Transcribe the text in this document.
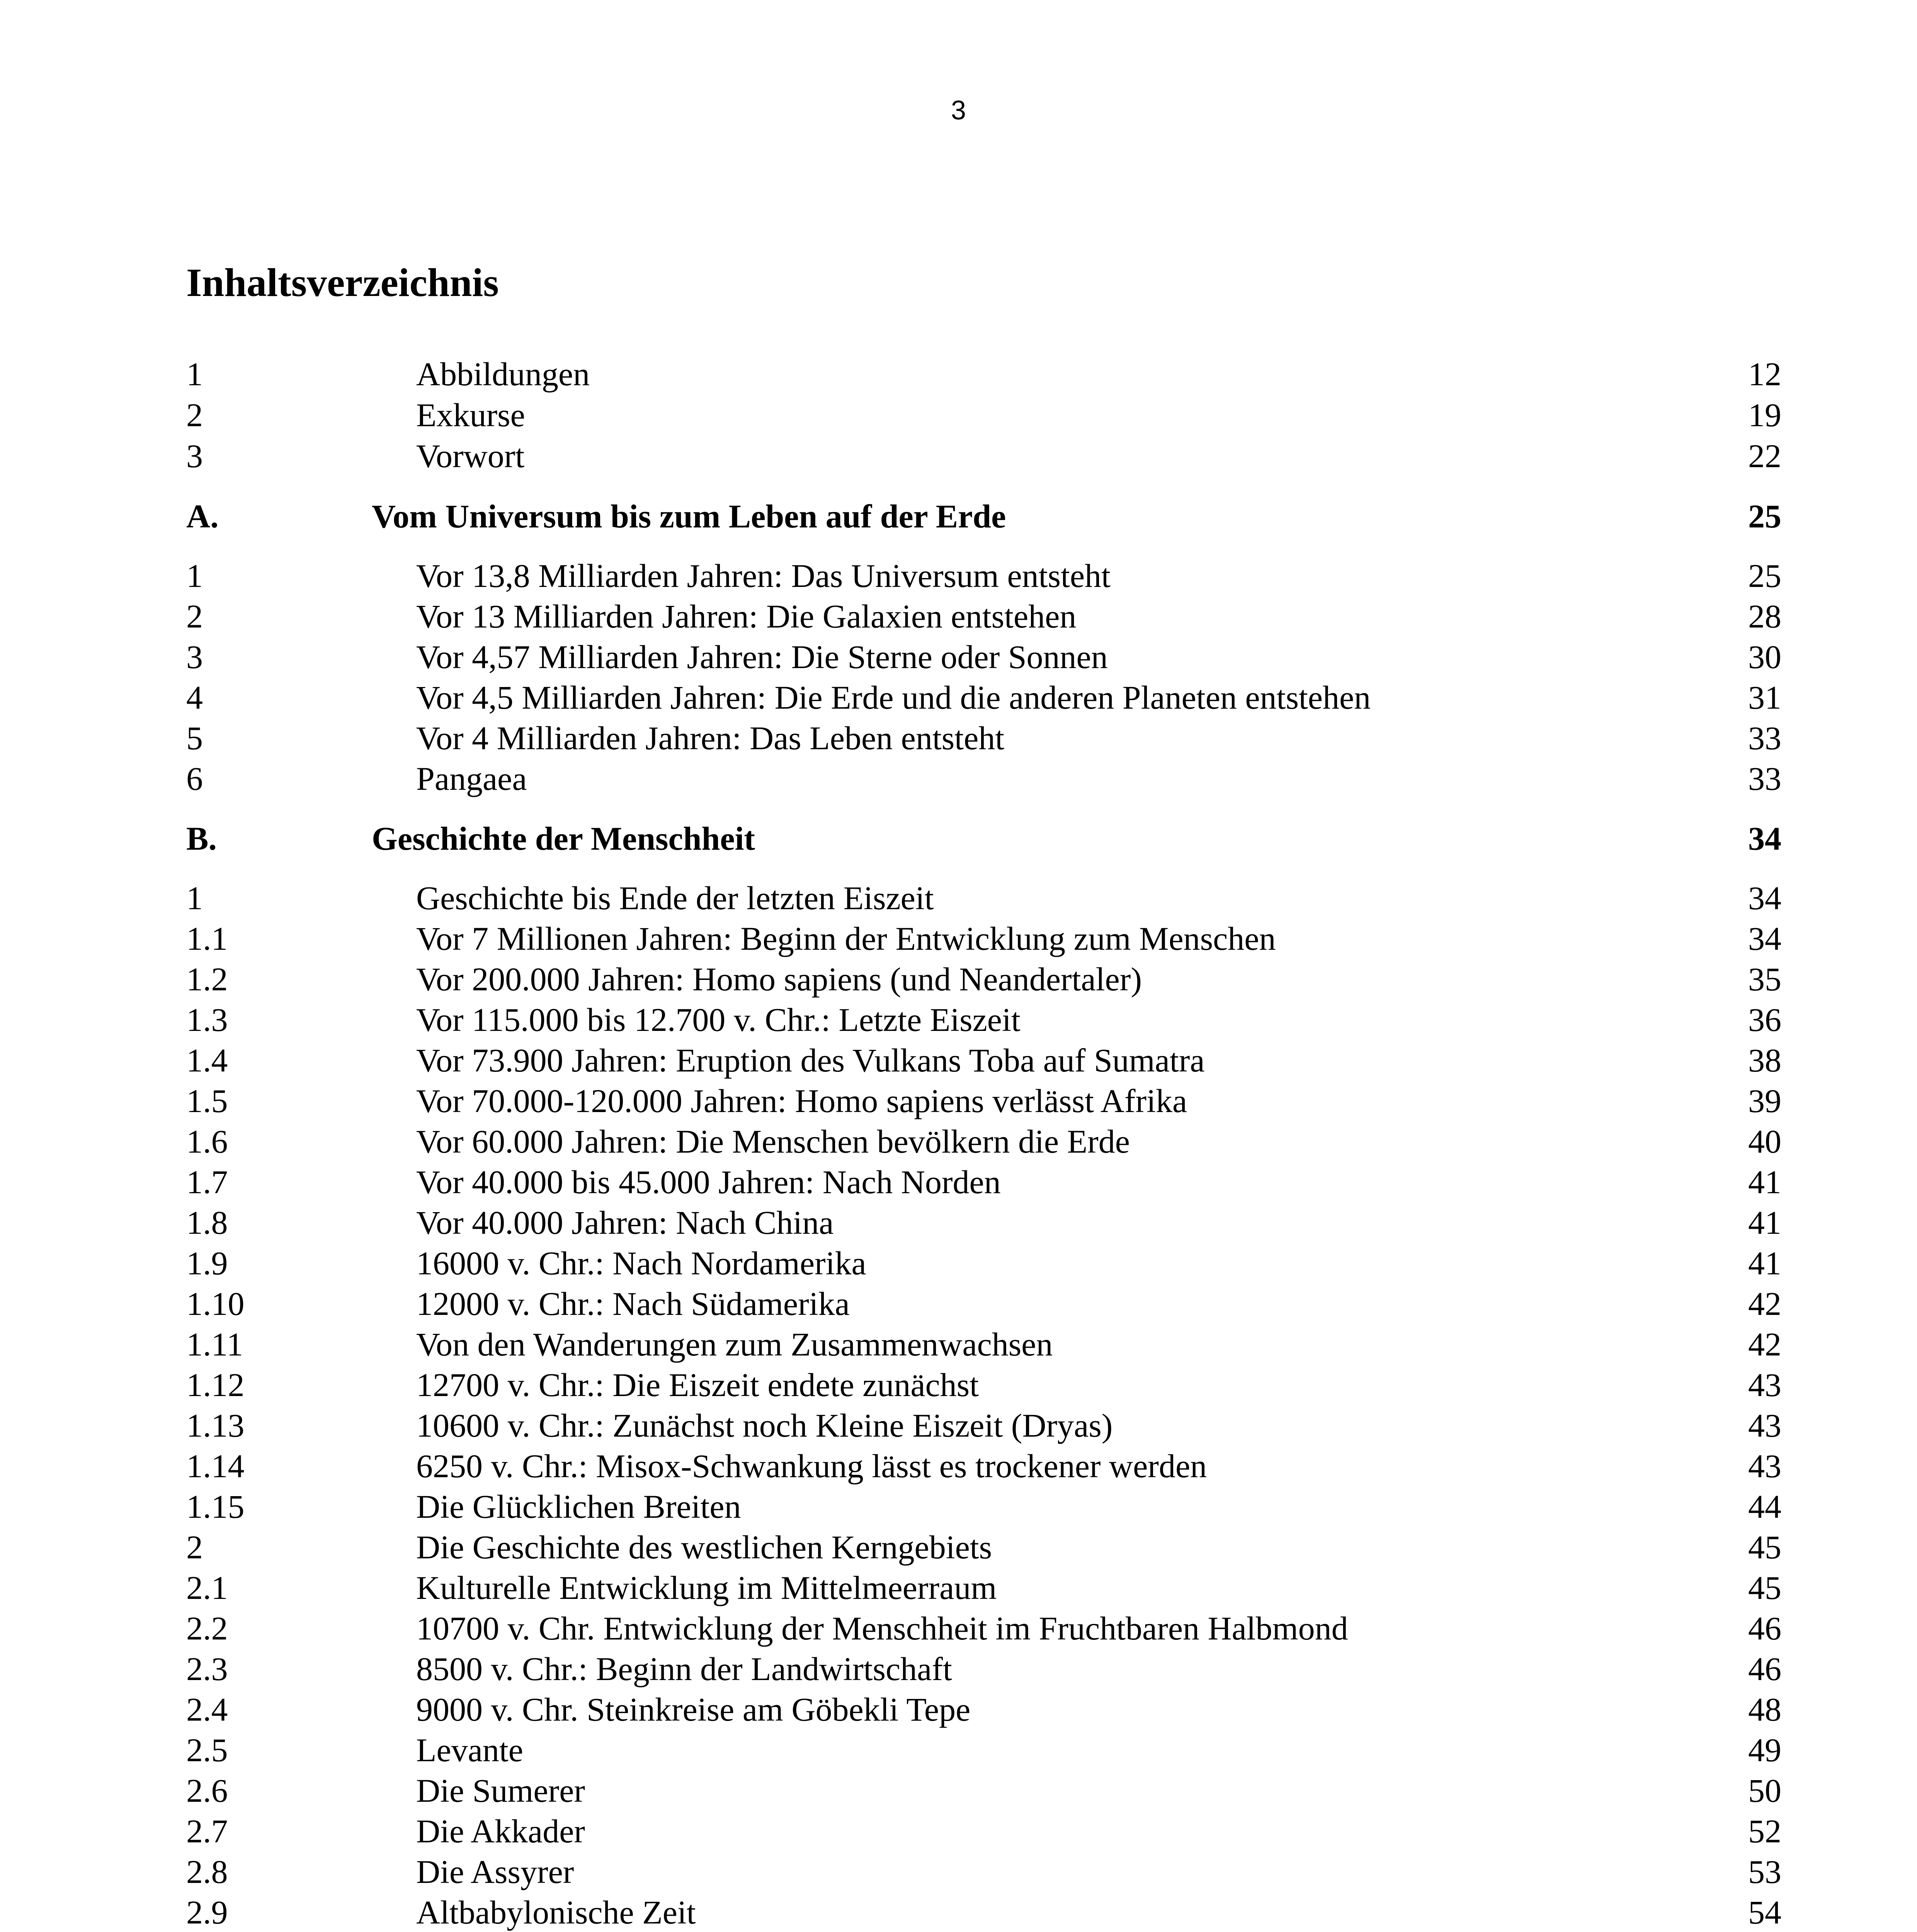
3
Inhaltsverzeichnis
1	Abbildungen	12
2	Exkurse	19
3	Vorwort	22
A.	Vom Universum bis zum Leben auf der Erde	25
1	Vor 13,8 Milliarden Jahren: Das Universum entsteht	25
2	Vor 13 Milliarden Jahren: Die Galaxien entstehen	28
3	Vor 4,57 Milliarden Jahren: Die Sterne oder Sonnen	30
4	Vor 4,5 Milliarden Jahren: Die Erde und die anderen Planeten entstehen	31
5	Vor 4 Milliarden Jahren: Das Leben entsteht	33
6	Pangaea	33
B.	Geschichte der Menschheit	34
1	Geschichte bis Ende der letzten Eiszeit	34
1.1	Vor 7 Millionen Jahren: Beginn der Entwicklung zum Menschen	34
1.2	Vor 200.000 Jahren: Homo sapiens (und Neandertaler)	35
1.3	Vor 115.000 bis 12.700 v. Chr.: Letzte Eiszeit	36
1.4	Vor 73.900 Jahren: Eruption des Vulkans Toba auf Sumatra	38
1.5	Vor 70.000-120.000 Jahren: Homo sapiens verlässt Afrika	39
1.6	Vor 60.000 Jahren: Die Menschen bevölkern die Erde	40
1.7	Vor 40.000 bis 45.000 Jahren: Nach Norden	41
1.8	Vor 40.000 Jahren: Nach China	41
1.9	16000 v. Chr.: Nach Nordamerika	41
1.10	12000 v. Chr.: Nach Südamerika	42
1.11	Von den Wanderungen zum Zusammenwachsen	42
1.12	12700 v. Chr.: Die Eiszeit endete zunächst	43
1.13	10600 v. Chr.: Zunächst noch Kleine Eiszeit (Dryas)	43
1.14	6250 v. Chr.: Misox-Schwankung lässt es trockener werden	43
1.15	Die Glücklichen Breiten	44
2	Die Geschichte des westlichen Kerngebiets	45
2.1	Kulturelle Entwicklung im Mittelmeerraum	45
2.2	10700 v. Chr. Entwicklung der Menschheit im Fruchtbaren Halbmond	46
2.3	8500 v. Chr.: Beginn der Landwirtschaft	46
2.4	9000 v. Chr. Steinkreise am Göbekli Tepe	48
2.5	Levante	49
2.6	Die Sumerer	50
2.7	Die Akkader	52
2.8	Die Assyrer	53
2.9	Altbabylonische Zeit	54
